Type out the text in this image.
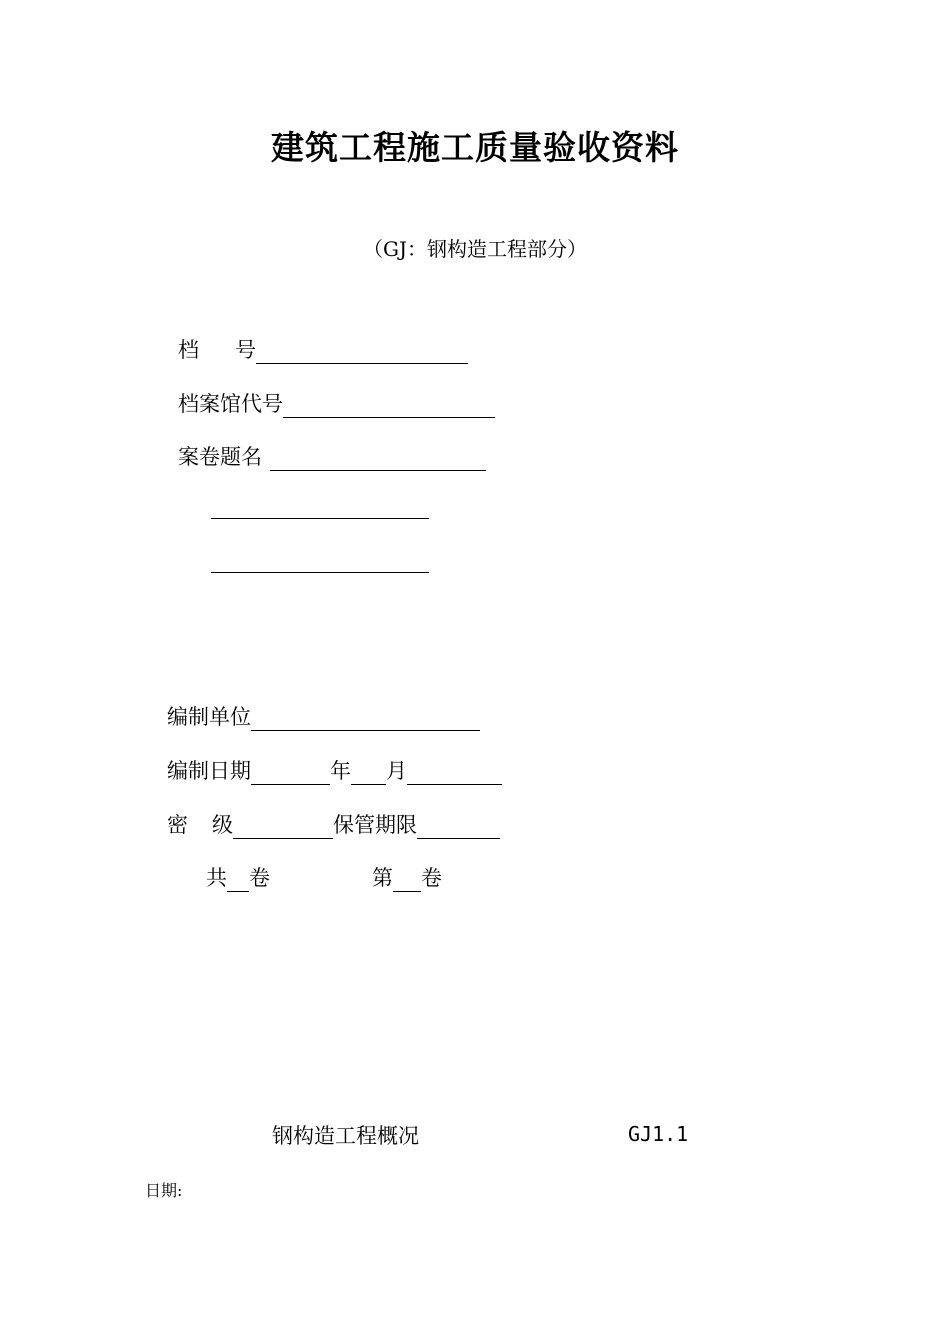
建筑工程施工质量验收资料
（GJ：钢构造工程部分）
档 号
档案馆代号
案卷题名
编制单位
编制日期	年 月
密 级	保管期限
共 卷	第 卷
钢构造工程概况	GJ1.1
日期:
